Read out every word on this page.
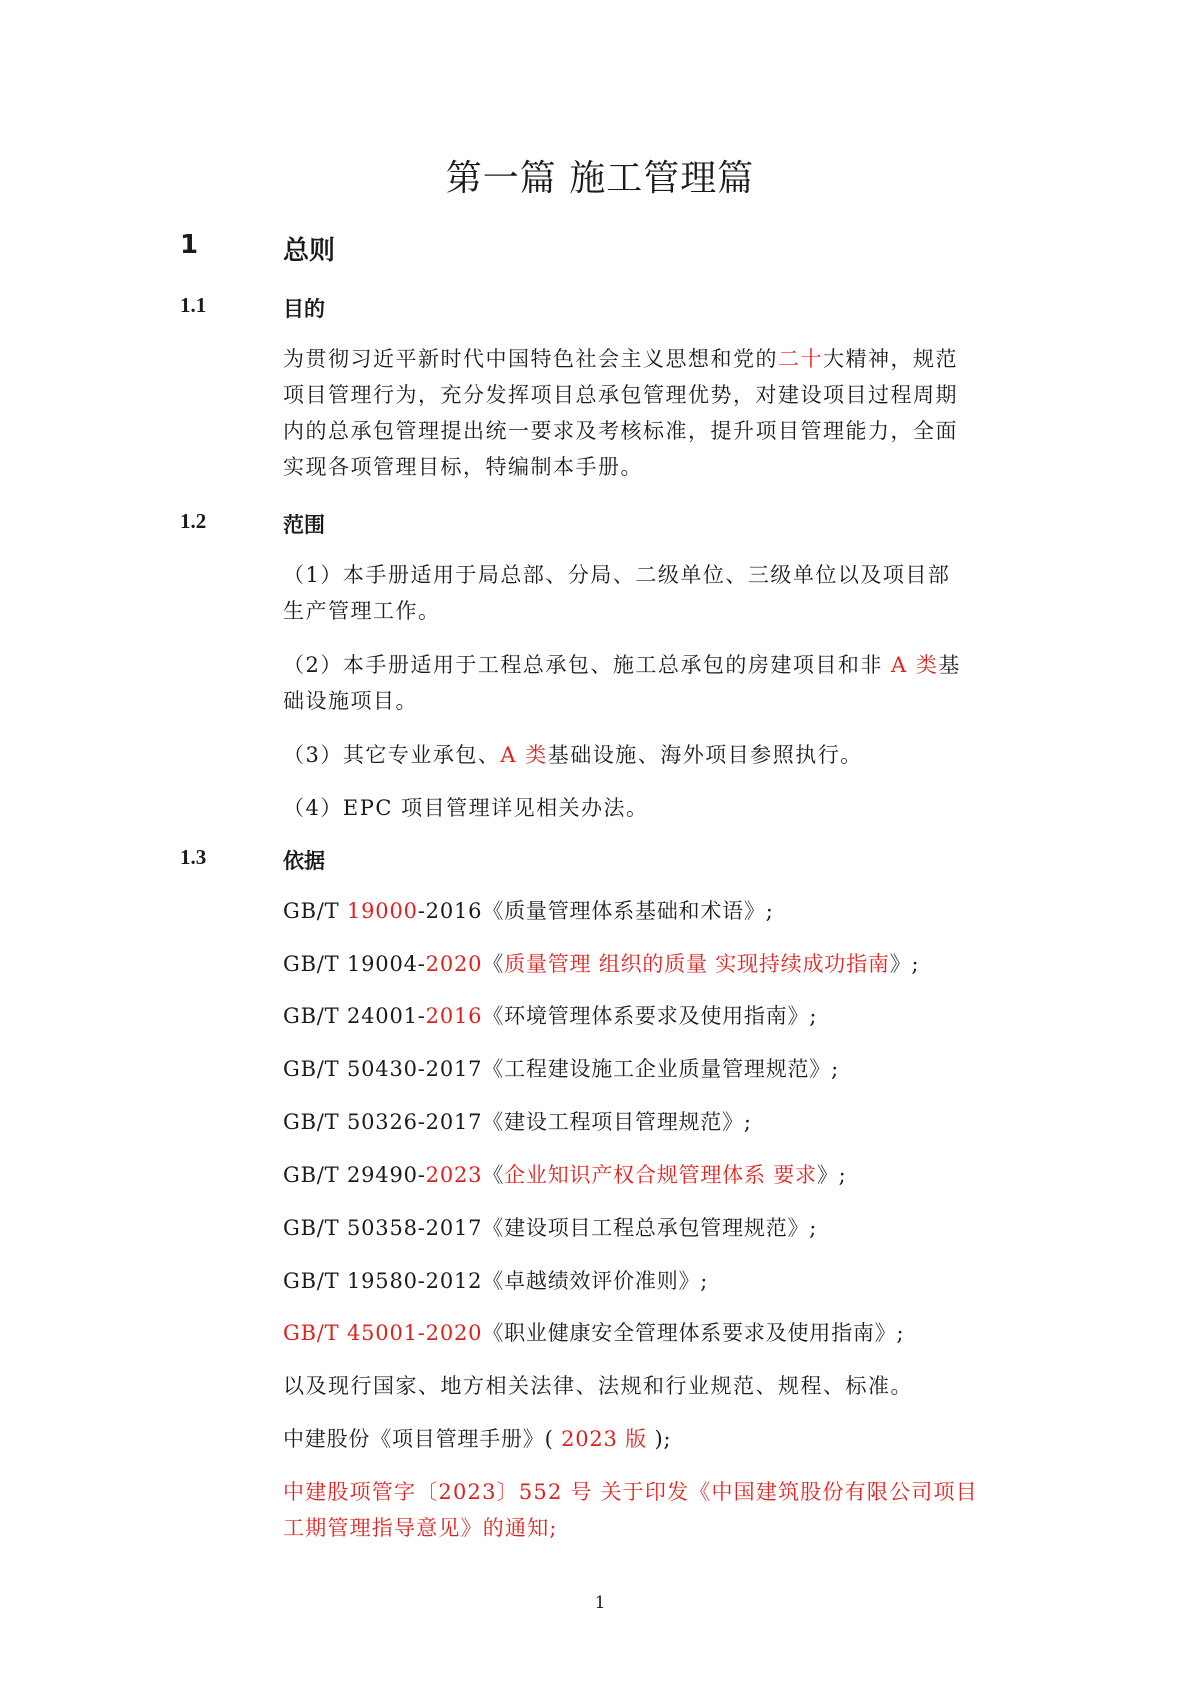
第一篇 施工管理篇
1	总则
1.1	目的
为贯彻习近平新时代中国特色社会主义思想和党的二十大精神，规范
项目管理行为，充分发挥项目总承包管理优势，对建设项目过程周期
内的总承包管理提出统一要求及考核标准，提升项目管理能力，全面
实现各项管理目标，特编制本手册。
1.2	范围
（1）本手册适用于局总部、分局、二级单位、三级单位以及项目部
生产管理工作。
（2）本手册适用于工程总承包、施工总承包的房建项目和非 A 类基
础设施项目。
（3）其它专业承包、A 类基础设施、海外项目参照执行。
（4）EPC 项目管理详见相关办法。
1.3	依据
GB/T 19000-2016《质量管理体系基础和术语》;
GB/T 19004-2020《质量管理 组织的质量 实现持续成功指南》;
GB/T 24001-2016《环境管理体系要求及使用指南》;
GB/T 50430-2017《工程建设施工企业质量管理规范》;
GB/T 50326-2017《建设工程项目管理规范》;
GB/T 29490-2023《企业知识产权合规管理体系 要求》;
GB/T 50358-2017《建设项目工程总承包管理规范》;
GB/T 19580-2012《卓越绩效评价准则》;
GB/T 45001-2020《职业健康安全管理体系要求及使用指南》;
以及现行国家、地方相关法律、法规和行业规范、规程、标准。
中建股份《项目管理手册》( 2023 版 );
中建股项管字〔2023〕552 号 关于印发《中国建筑股份有限公司项目
工期管理指导意见》的通知;
1
